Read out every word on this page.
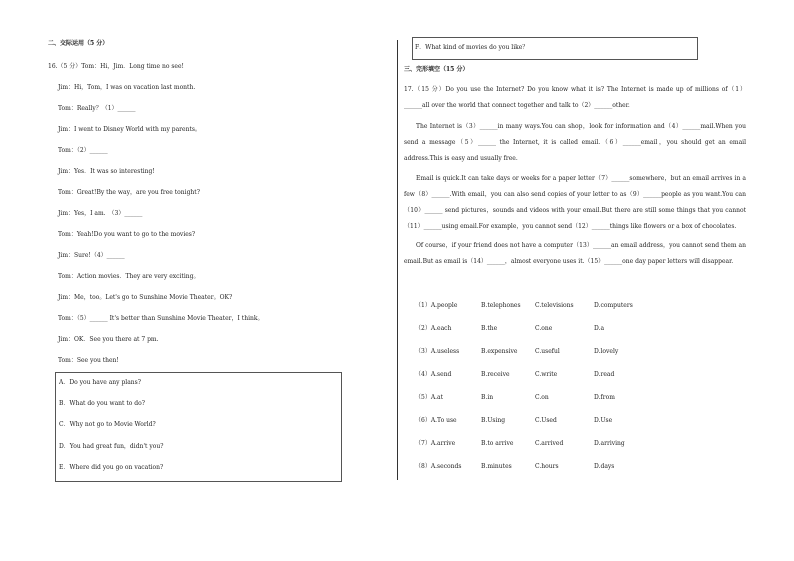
二、交际运用（5 分）
16.（5 分）Tom：Hi，Jim．Long time no see!
Jim：Hi，Tom，I was on vacation last month.
Tom：Really？（1）______
Jim：I went to Disney World with my parents。
Tom：（2）______
Jim：Yes．It was so interesting!
Tom：Great!By the way，are you free tonight?
Jim：Yes，I am.　（3）______
Tom：Yeah!Do you want to go to the movies?
Jim：Sure!（4）______
Tom：Action movies．They are very exciting。
Jim：Me，too。Let's go to Sunshine Movie Theater。OK?
Tom：（5）______ It's better than Sunshine Movie Theater，I think。
Jim：OK．See you there at 7 pm.
Tom：See you then!
A．Do you have any plans?
B．What do you want to do?
C．Why not go to Movie World?
D．You had great fun，didn't you?
E．Where did you go on vacation?
F．What kind of movies do you like？
三、完形填空（15 分）
17.（15 分）Do you use the Internet? Do you know what it is? The Internet is made up of millions of（1）______all over the world that connect together and talk to（2）______other.
The Internet is（3）______in many ways.You can shop，look for information and（4）______mail.When you send a message（5）______ the Internet, it is called email.（6）______email，you should get an email address.This is easy and usually free.
Email is quick.It can take days or weeks for a paper letter（7）______somewhere，but an email arrives in a few（8）______.With email，you can also send copies of your letter to as（9）______people as you want.You can（10）______ send pictures，sounds and videos with your email.But there are still some things that you cannot（11）______using email.For example，you cannot send（12）______things like flowers or a box of chocolates.
Of course，if your friend does not have a computer（13）______an email address，you cannot send them an email.But as email is（14）______，almost everyone uses it.（15）______one day paper letters will disappear.
（1）A.people	B.telephones C.televisions	D.computers
（2）A.each	B.the	C.one	D.a
（3）A.useless	B.expensive	C.useful	D.lovely
（4）A.send	B.receive	C.write	D.read
（5）A.at	B.in	C.on	D.from
（6）A.To use	B.Using	C.Used	D.Use
（7）A.arrive	B.to arrive	C.arrived	D.arriving
（8）A.seconds	B.minutes	C.hours	D.days
